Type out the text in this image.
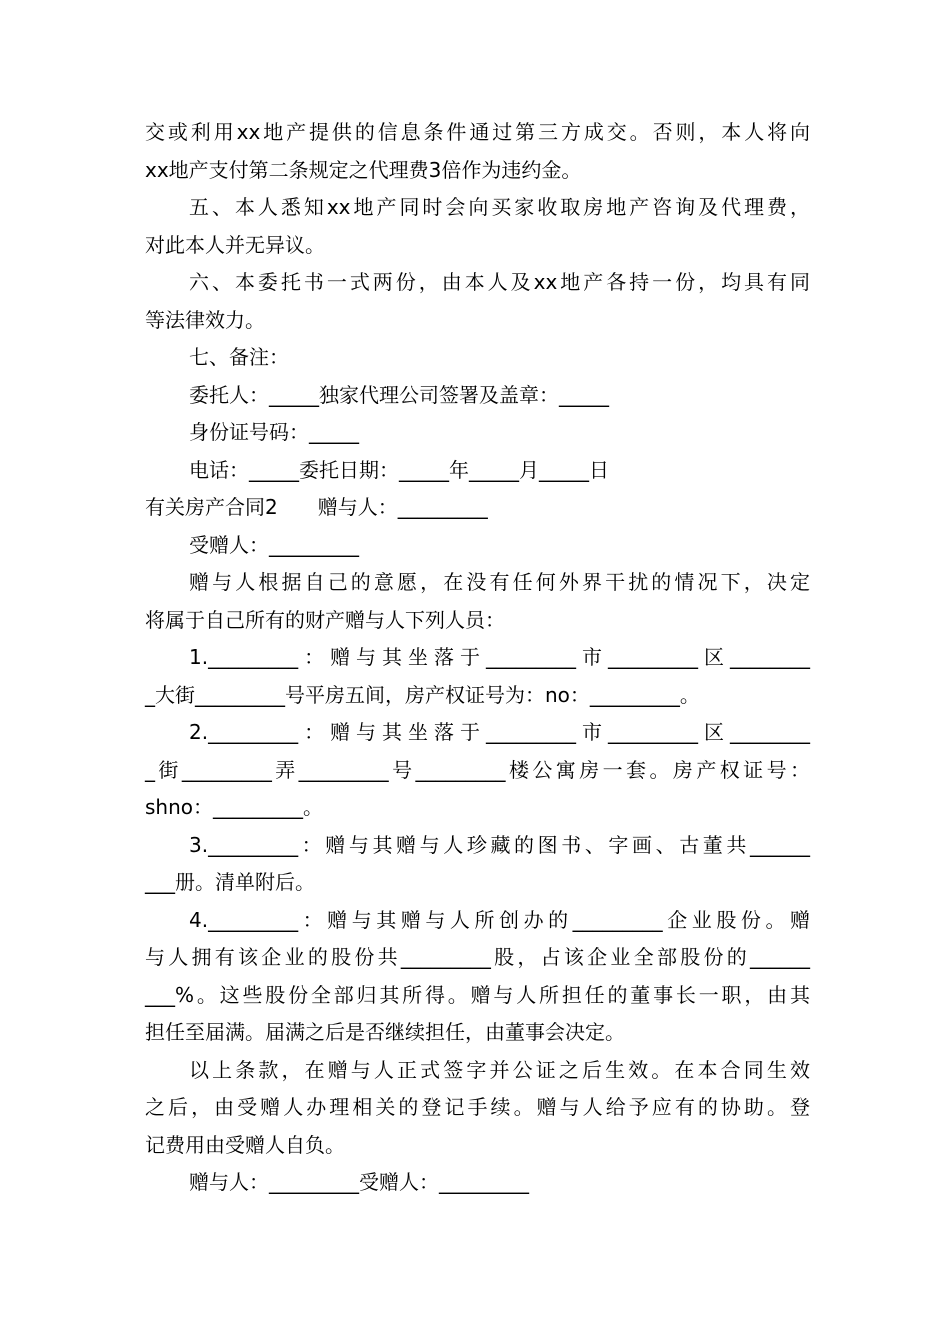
交或利用xx地产提供的信息条件通过第三方成交。否则，本人将向
xx地产支付第二条规定之代理费3倍作为违约金。
五、本人悉知xx地产同时会向买家收取房地产咨询及代理费，
对此本人并无异议。
六、本委托书一式两份，由本人及xx地产各持一份，均具有同
等法律效力。
七、备注：
委托人：_____独家代理公司签署及盖章：_____
身份证号码：_____
电话：_____委托日期：_____年_____月_____日
有关房产合同2　　赠与人：_________
受赠人：_________
赠与人根据自己的意愿，在没有任何外界干扰的情况下，决定
将属于自己所有的财产赠与人下列人员：
1._________：赠与其坐落于_________市_________区________
_大街_________号平房五间，房产权证号为：no：_________。
2._________：赠与其坐落于_________市_________区________
_街_________弄_________号_________楼公寓房一套。房产权证号：
shno：_________。
3._________：赠与其赠与人珍藏的图书、字画、古董共______
___册。清单附后。
4._________：赠与其赠与人所创办的_________企业股份。赠
与人拥有该企业的股份共_________股，占该企业全部股份的______
___%。这些股份全部归其所得。赠与人所担任的董事长一职，由其
担任至届满。届满之后是否继续担任，由董事会决定。
以上条款，在赠与人正式签字并公证之后生效。在本合同生效
之后，由受赠人办理相关的登记手续。赠与人给予应有的协助。登
记费用由受赠人自负。
赠与人：_________受赠人：_________
